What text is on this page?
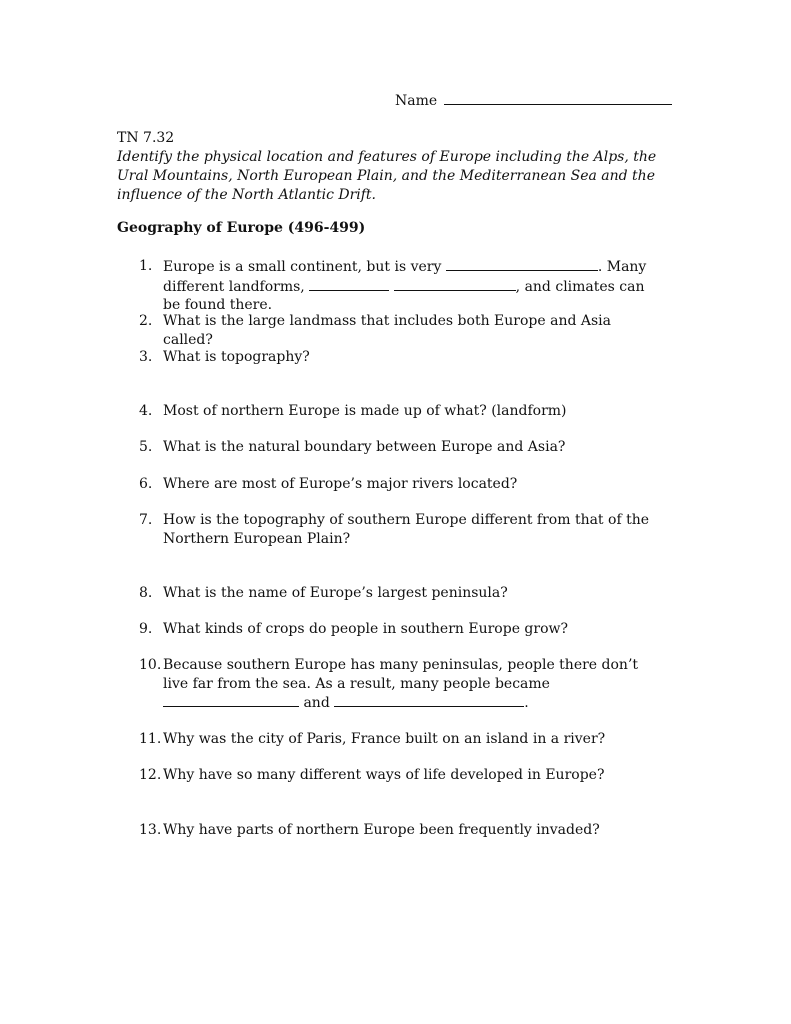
Name
TN 7.32
Identify the physical location and features of Europe including the Alps, the Ural Mountains, North European Plain, and the Mediterranean Sea and the influence of the North Atlantic Drift.
Geography of Europe (496-499)
1. Europe is a small continent, but is very	. Many different landforms,	, and climates can be found there.
2. What is the large landmass that includes both Europe and Asia called?
3. What is topography?
4. Most of northern Europe is made up of what? (landform)
5. What is the natural boundary between Europe and Asia?
6. Where are most of Europe’s major rivers located?
7. How is the topography of southern Europe different from that of the Northern European Plain?
8. What is the name of Europe’s largest peninsula?
9. What kinds of crops do people in southern Europe grow?
10. Because southern Europe has many peninsulas, people there don’t live far from the sea. As a result, many people became  and	.
11. Why was the city of Paris, France built on an island in a river?
12. Why have so many different ways of life developed in Europe?
13. Why have parts of northern Europe been frequently invaded?
